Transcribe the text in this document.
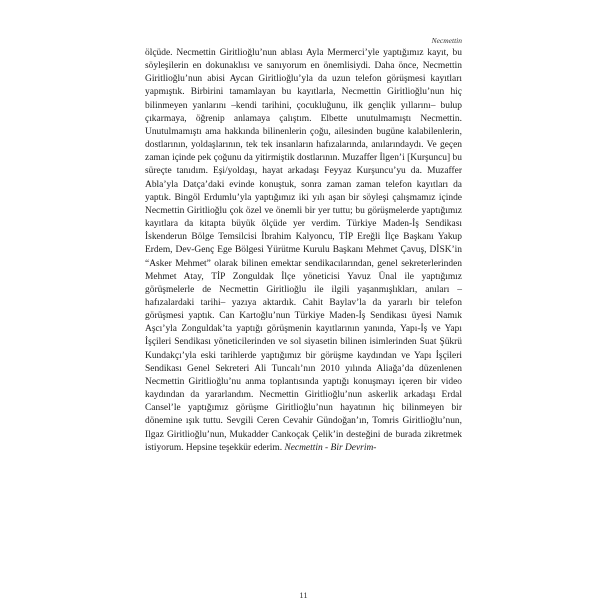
Necmettin

ölçüde. Necmettin Giritlioğlu’nun ablası Ayla Mermerci’yle yaptığımız kayıt, bu söyleşilerin en dokunaklısı ve sanıyorum en önemlisiydi. Daha önce, Necmettin Giritlioğlu’nun abisi Aycan Giritlioğlu’yla da uzun telefon görüşmesi kayıtları yapmıştık. Birbirini tamamlayan bu kayıtlarla, Necmettin Giritlioğlu’nun hiç bilinmeyen yanlarını –kendi tarihini, çocukluğunu, ilk gençlik yıllarını– bulup çıkarmaya, öğrenip anlamaya çalıştım. Elbette unutulmamıştı Necmettin. Unutulmamıştı ama hakkında bilinenlerin çoğu, ailesinden bugüne kalabilenlerin, dostlarının, yoldaşlarının, tek tek insanların hafızalarında, anılarındaydı. Ve geçen zaman içinde pek çoğunu da yitirmiştik dostlarının. Muzaffer İlgen’i [Kurşuncu] bu süreçte tanıdım. Eşi/yoldaşı, hayat arkadaşı Feyyaz Kurşuncu’yu da. Muzaffer Abla’yla Datça’daki evinde konuştuk, sonra zaman zaman telefon kayıtları da yaptık. Bingöl Erdumlu’yla yaptığımız iki yılı aşan bir söyleşi çalışmamız içinde Necmettin Giritlioğlu çok özel ve önemli bir yer tuttu; bu görüşmelerde yaptığımız kayıtlara da kitapta büyük ölçüde yer verdim. Türkiye Maden-İş Sendikası İskenderun Bölge Temsilcisi İbrahim Kalyoncu, TİP Ereğli İlçe Başkanı Yakup Erdem, Dev-Genç Ege Bölgesi Yürütme Kurulu Başkanı Mehmet Çavuş, DİSK’in “Asker Mehmet” olarak bilinen emektar sendikacılarından, genel sekreterlerinden Mehmet Atay, TİP Zonguldak İlçe yöneticisi Yavuz Ünal ile yaptığımız görüşmelerle de Necmettin Giritlioğlu ile ilgili yaşanmışlıkları, anıları –hafızalardaki tarihi– yazıya aktardık. Cahit Baylav’la da yararlı bir telefon görüşmesi yaptık. Can Kartoğlu’nun Türkiye Maden-İş Sendikası üyesi Namık Aşcı’yla Zonguldak’ta yaptığı görüşmenin kayıtlarının yanında, Yapı-İş ve Yapı İşçileri Sendikası yöneticilerinden ve sol siyasetin bilinen isimlerinden Suat Şükrü Kundakçı’yla eski tarihlerde yaptığımız bir görüşme kaydından ve Yapı İşçileri Sendikası Genel Sekreteri Ali Tuncalı’nın 2010 yılında Aliağa’da düzenlenen Necmettin Giritlioğlu’nu anma toplantısında yaptığı konuşmayı içeren bir video kaydından da yararlandım. Necmettin Giritlioğlu’nun askerlik arkadaşı Erdal Cansel’le yaptığımız görüşme Giritlioğlu’nun hayatının hiç bilinmeyen bir dönemine ışık tuttu. Sevgili Ceren Cevahir Gündoğan’ın, Tomris Giritlioğlu’nun, Ilgaz Giritlioğlu’nun, Mukadder Cankoçak Çelik’in desteğini de burada zikretmek istiyorum. Hepsine teşekkür ederim. Necmettin - Bir Devrim-

11
